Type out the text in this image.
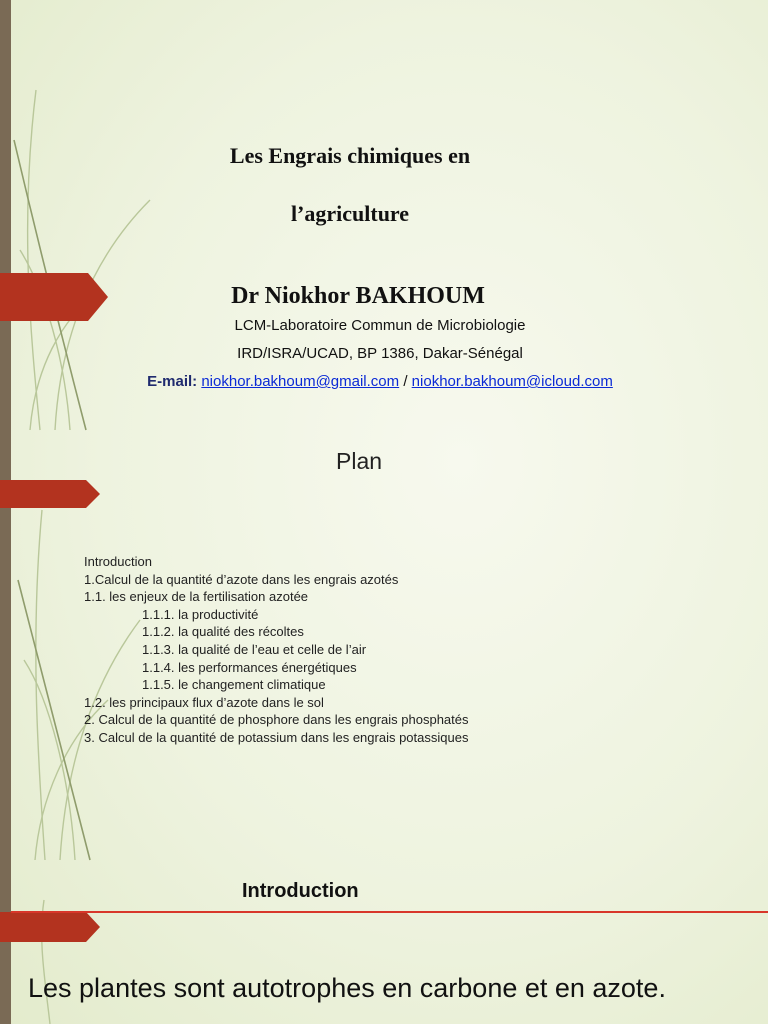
Les Engrais chimiques en
l’agriculture
Dr Niokhor BAKHOUM
LCM-Laboratoire Commun de Microbiologie
IRD/ISRA/UCAD, BP 1386, Dakar-Sénégal
E-mail: niokhor.bakhoum@gmail.com / niokhor.bakhoum@icloud.com
Plan
Introduction
1.Calcul de la quantité d’azote dans les engrais azotés
1.1. les enjeux de la fertilisation azotée
1.1.1. la productivité
1.1.2. la qualité des récoltes
1.1.3. la qualité de l’eau et celle de l’air
1.1.4. les performances énergétiques
1.1.5. le changement climatique
1.2. les principaux flux d’azote dans le sol
2. Calcul de la quantité de phosphore dans les engrais phosphatés
3. Calcul de la quantité de potassium dans les engrais potassiques
Introduction
Les plantes sont autotrophes en carbone et en azote.
